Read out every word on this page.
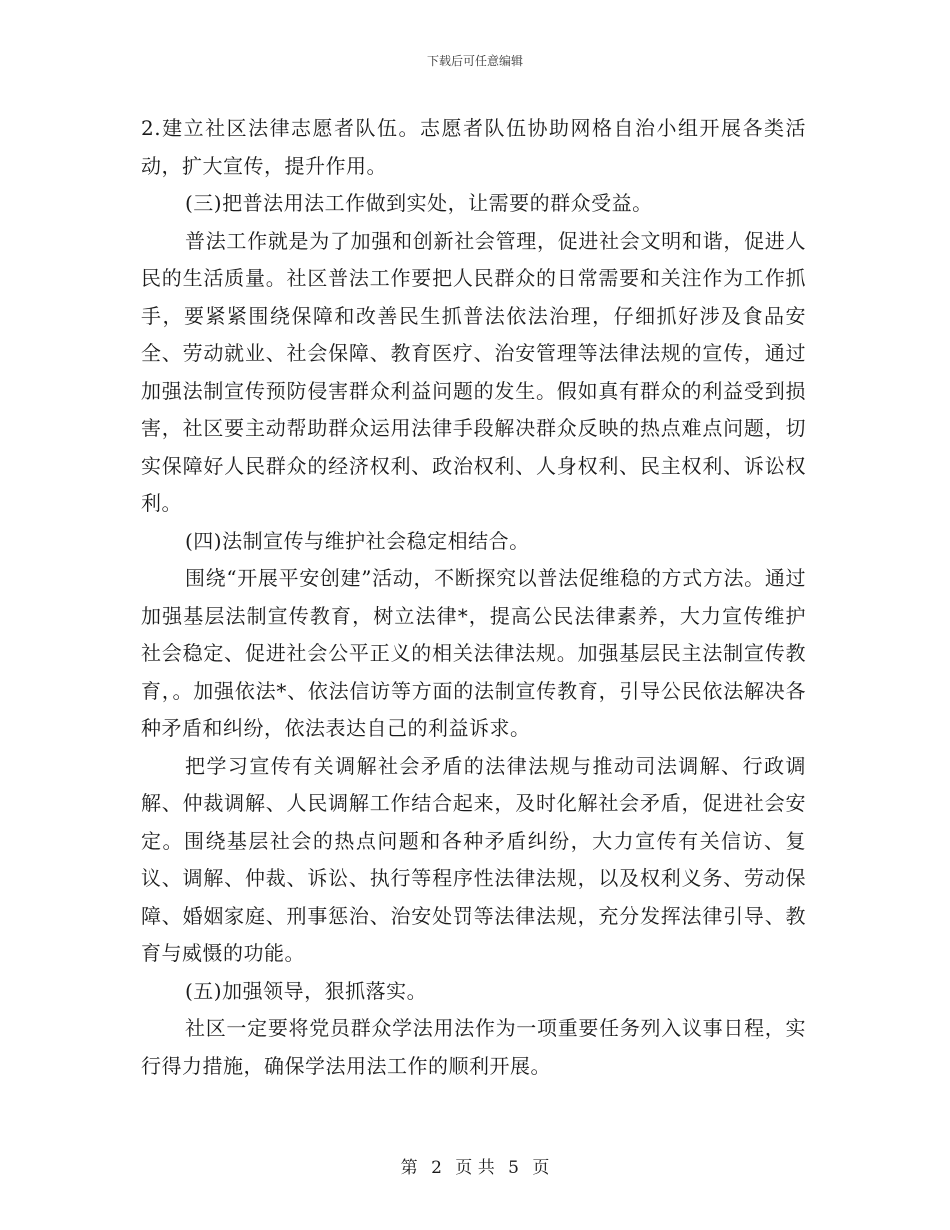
下载后可任意编辑

2.建立社区法律志愿者队伍。志愿者队伍协助网格自治小组开展各类活动，扩大宣传，提升作用。

(三)把普法用法工作做到实处，让需要的群众受益。

普法工作就是为了加强和创新社会管理，促进社会文明和谐，促进人民的生活质量。社区普法工作要把人民群众的日常需要和关注作为工作抓手，要紧紧围绕保障和改善民生抓普法依法治理，仔细抓好涉及食品安全、劳动就业、社会保障、教育医疗、治安管理等法律法规的宣传，通过加强法制宣传预防侵害群众利益问题的发生。假如真有群众的利益受到损害，社区要主动帮助群众运用法律手段解决群众反映的热点难点问题，切实保障好人民群众的经济权利、政治权利、人身权利、民主权利、诉讼权利。

(四)法制宣传与维护社会稳定相结合。

围绕“开展平安创建”活动，不断探究以普法促维稳的方式方法。通过加强基层法制宣传教育，树立法律*，提高公民法律素养，大力宣传维护社会稳定、促进社会公平正义的相关法律法规。加强基层民主法制宣传教育，。加强依法*、依法信访等方面的法制宣传教育，引导公民依法解决各种矛盾和纠纷，依法表达自己的利益诉求。

把学习宣传有关调解社会矛盾的法律法规与推动司法调解、行政调解、仲裁调解、人民调解工作结合起来，及时化解社会矛盾，促进社会安定。围绕基层社会的热点问题和各种矛盾纠纷，大力宣传有关信访、复议、调解、仲裁、诉讼、执行等程序性法律法规，以及权利义务、劳动保障、婚姻家庭、刑事惩治、治安处罚等法律法规，充分发挥法律引导、教育与威慑的功能。

(五)加强领导，狠抓落实。

社区一定要将党员群众学法用法作为一项重要任务列入议事日程，实行得力措施，确保学法用法工作的顺利开展。

第 2 页 共 5 页
